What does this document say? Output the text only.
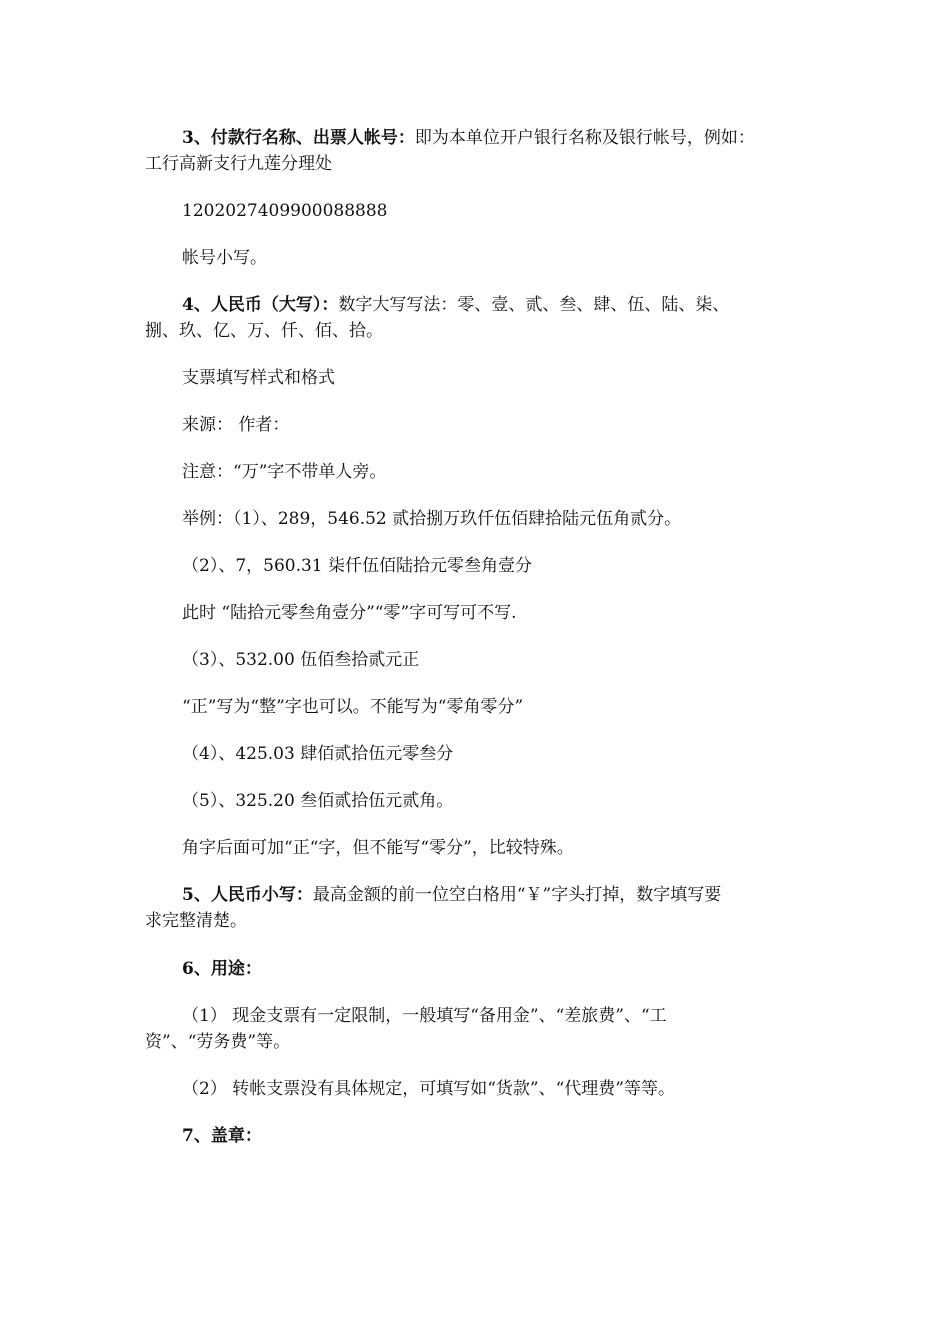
3、付款行名称、出票人帐号：即为本单位开户银行名称及银行帐号，例如：

工行高新支行九莲分理处

1202027409900088888

帐号小写。

4、人民币（大写）：数字大写写法：零、壹、贰、叁、肆、伍、陆、柒、

捌、玖、亿、万、仟、佰、拾。

支票填写样式和格式

来源： 作者：

注意：“万”字不带单人旁。

举例：（1）、289，546.52 贰拾捌万玖仟伍佰肆拾陆元伍角贰分。

（2）、7，560.31 柒仟伍佰陆拾元零叁角壹分

此时 “陆拾元零叁角壹分”“零”字可写可不写.

（3）、532.00 伍佰叁拾贰元正

“正”写为“整”字也可以。不能写为“零角零分”

（4）、425.03 肆佰贰拾伍元零叁分

（5）、325.20 叁佰贰拾伍元贰角。

角字后面可加“正“字，但不能写“零分”，比较特殊。

5、人民币小写：最高金额的前一位空白格用“￥”字头打掉，数字填写要

求完整清楚。

6、用途：

（1） 现金支票有一定限制，一般填写“备用金”、“差旅费”、“工

资”、“劳务费”等。

（2） 转帐支票没有具体规定，可填写如“货款”、“代理费”等等。

7、盖章：
